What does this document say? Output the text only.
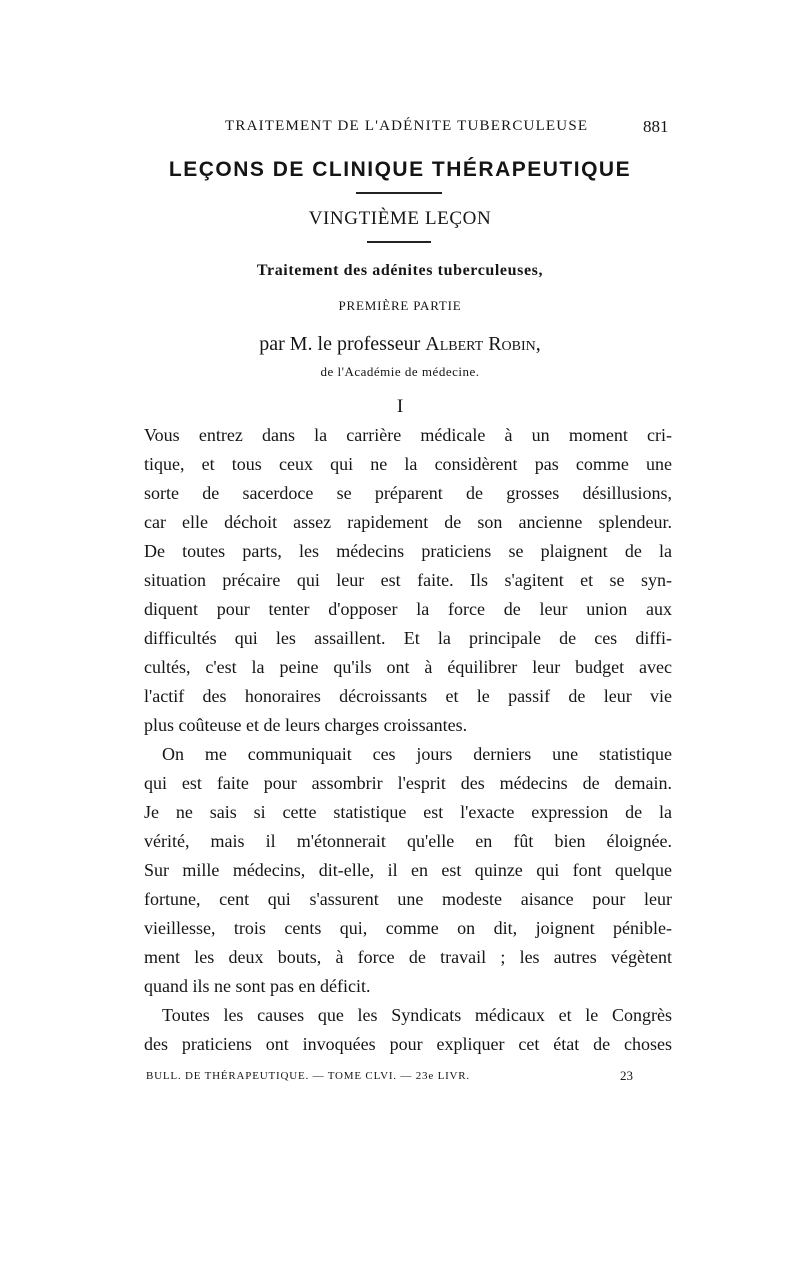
TRAITEMENT DE L'ADÉNITE TUBERCULEUSE	881
LEÇONS DE CLINIQUE THÉRAPEUTIQUE
VINGTIÈME LEÇON
Traitement des adénites tuberculeuses,
PREMIÈRE PARTIE
par M. le professeur Albert Robin,
de l'Académie de médecine.
I
Vous entrez dans la carrière médicale à un moment cri-
tique, et tous ceux qui ne la considèrent pas comme une
sorte de sacerdoce se préparent de grosses désillusions,
car elle déchoit assez rapidement de son ancienne splendeur.
De toutes parts, les médecins praticiens se plaignent de la
situation précaire qui leur est faite. Ils s'agitent et se syn-
diquent pour tenter d'opposer la force de leur union aux
difficultés qui les assaillent. Et la principale de ces diffi-
cultés, c'est la peine qu'ils ont à équilibrer leur budget avec
l'actif des honoraires décroissants et le passif de leur vie
plus coûteuse et de leurs charges croissantes.
On me communiquait ces jours derniers une statistique
qui est faite pour assombrir l'esprit des médecins de demain.
Je ne sais si cette statistique est l'exacte expression de la
vérité, mais il m'étonnerait qu'elle en fût bien éloignée.
Sur mille médecins, dit-elle, il en est quinze qui font quelque
fortune, cent qui s'assurent une modeste aisance pour leur
vieillesse, trois cents qui, comme on dit, joignent pénible-
ment les deux bouts, à force de travail ; les autres végètent
quand ils ne sont pas en déficit.
Toutes les causes que les Syndicats médicaux et le Congrès
des praticiens ont invoquées pour expliquer cet état de choses
BULL. DE THÉRAPEUTIQUE. — TOME CLVI. — 23e LIVR.	23
